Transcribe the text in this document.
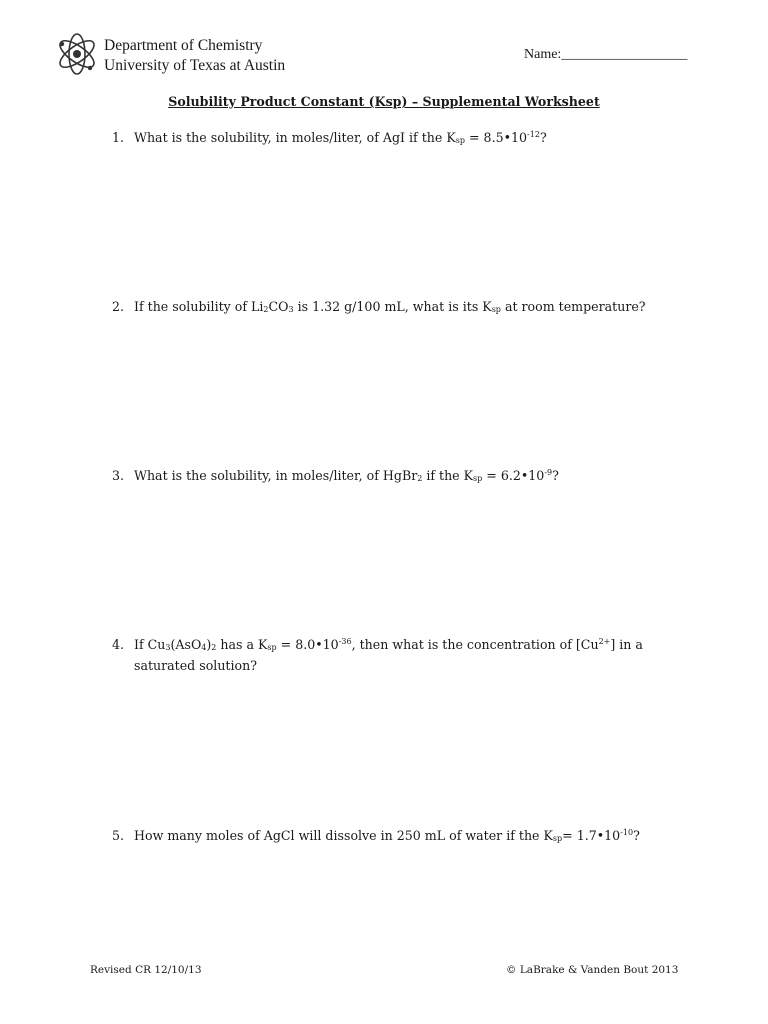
Department of Chemistry
University of Texas at Austin
Name:__________________
Solubility Product Constant (Ksp) – Supplemental Worksheet
1. What is the solubility, in moles/liter, of AgI if the $K_{sp}$ = $8.5•10^{-12}$?
2. If the solubility of $Li_2CO_3$ is 1.32 g/100 mL, what is its $K_{sp}$ at room temperature?
3. What is the solubility, in moles/liter, of HgBr$_2$ if the $K_{sp}$ = $6.2•10^{-9}$?
4. If $Cu_3(AsO_4)_2$ has a $K_{sp}$ = $8.0•10^{-36}$, then what is the concentration of $[Cu^{2+}]$ in a saturated solution?
5. How many moles of AgCl will dissolve in 250 mL of water if the $K_{sp}=$ $1.7•10^{-10}$?
Revised CR 12/10/13	© LaBrake & Vanden Bout 2013
